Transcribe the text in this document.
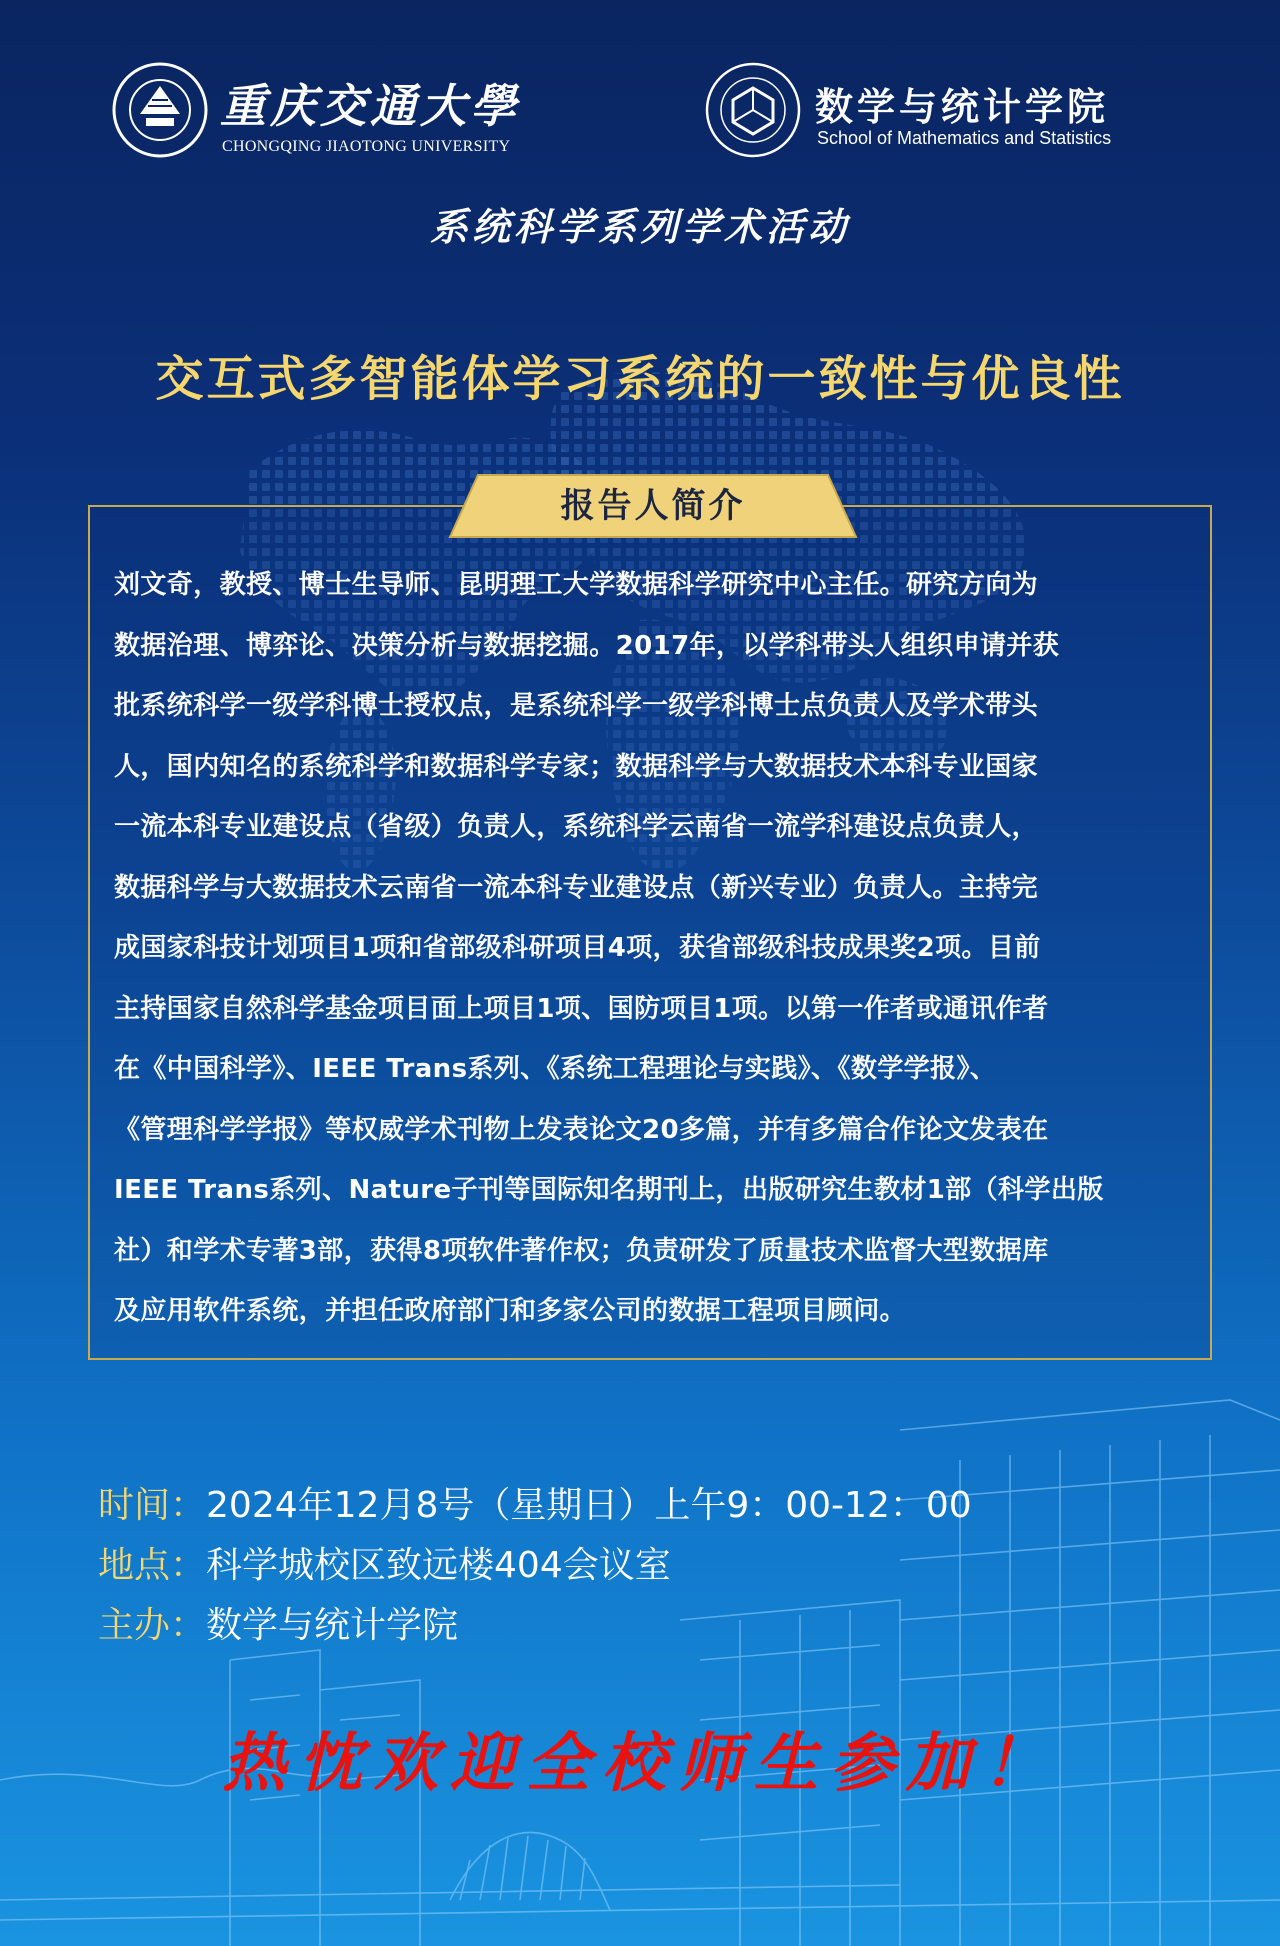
重庆交通大學
CHONGQING JIAOTONG UNIVERSITY
数学与统计学院
School of Mathematics and Statistics
系统科学系列学术活动
交互式多智能体学习系统的一致性与优良性
报告人简介
刘文奇，教授、博士生导师、昆明理工大学数据科学研究中心主任。研究方向为
数据治理、博弈论、决策分析与数据挖掘。2017年，以学科带头人组织申请并获
批系统科学一级学科博士授权点，是系统科学一级学科博士点负责人及学术带头
人，国内知名的系统科学和数据科学专家；数据科学与大数据技术本科专业国家
一流本科专业建设点（省级）负责人，系统科学云南省一流学科建设点负责人，
数据科学与大数据技术云南省一流本科专业建设点（新兴专业）负责人。主持完
成国家科技计划项目1项和省部级科研项目4项，获省部级科技成果奖2项。目前
主持国家自然科学基金项目面上项目1项、国防项目1项。以第一作者或通讯作者
在《中国科学》、IEEE Trans系列、《系统工程理论与实践》、《数学学报》、
《管理科学学报》等权威学术刊物上发表论文20多篇，并有多篇合作论文发表在
IEEE Trans系列、Nature子刊等国际知名期刊上，出版研究生教材1部（科学出版
社）和学术专著3部，获得8项软件著作权；负责研发了质量技术监督大型数据库
及应用软件系统，并担任政府部门和多家公司的数据工程项目顾问。
时间：2024年12月8号（星期日）上午9：00-12：00
地点：科学城校区致远楼404会议室
主办：数学与统计学院
热忱欢迎全校师生参加！
